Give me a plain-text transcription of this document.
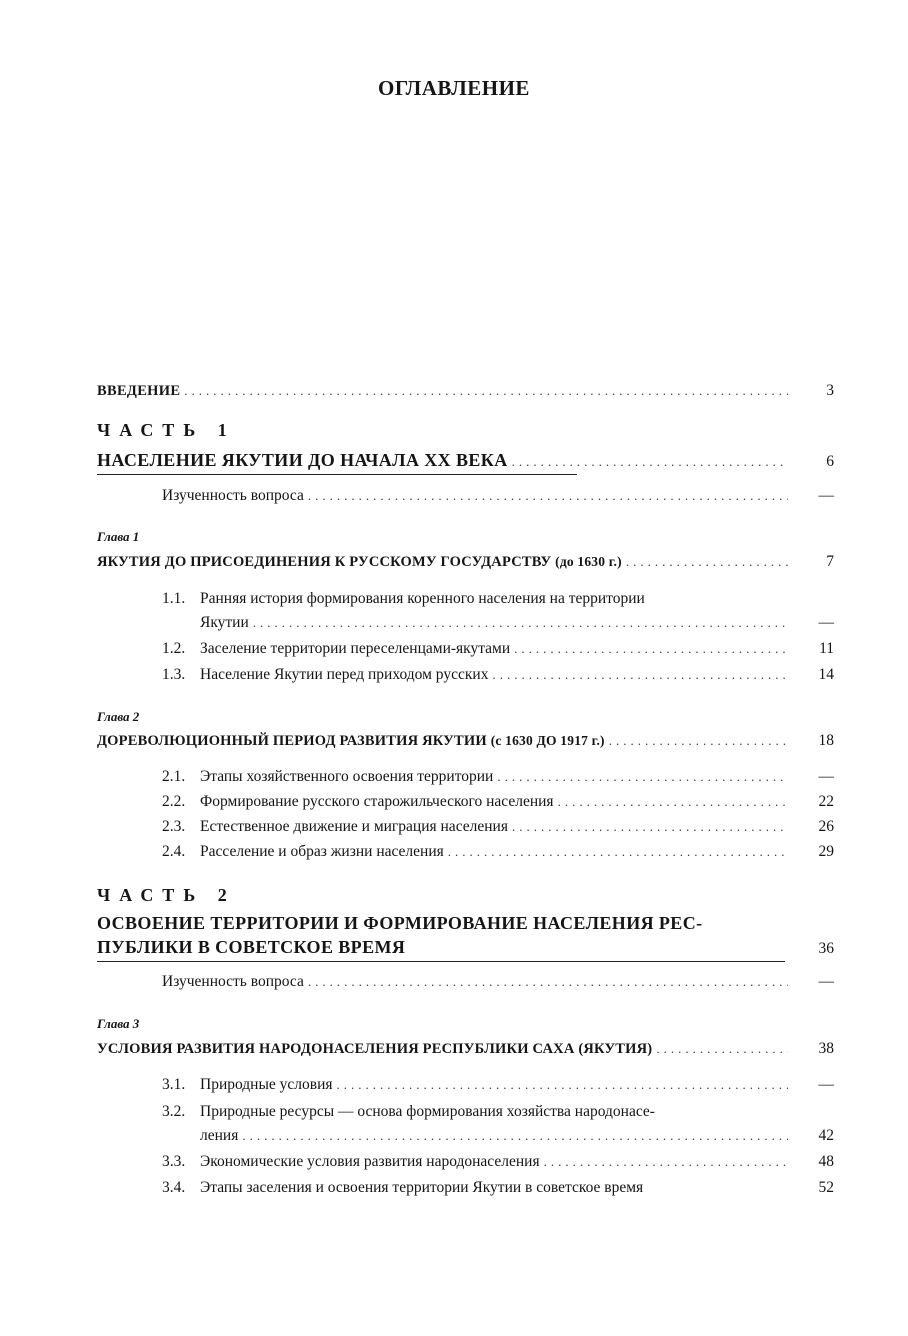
ОГЛАВЛЕНИЕ
ВВЕДЕНИЕ .....	3
ЧАСТЬ 1
НАСЕЛЕНИЕ ЯКУТИИ ДО НАЧАЛА XX ВЕКА .....	6
Изученность вопроса .....	—
Глава 1
ЯКУТИЯ ДО ПРИСОЕДИНЕНИЯ К РУССКОМУ ГОСУДАРСТВУ (до 1630 г.) .....	7
1.1. Ранняя история формирования коренного населения на территории
Якутии .....	—
1.2. Заселение территории переселенцами-якутами .....	11
1.3. Население Якутии перед приходом русских .....	14
Глава 2
ДОРЕВОЛЮЦИОННЫЙ ПЕРИОД РАЗВИТИЯ ЯКУТИИ (с 1630 ДО 1917 г.) .....	18
2.1. Этапы хозяйственного освоения территории .....	—
2.2. Формирование русского старожильческого населения .....	22
2.3. Естественное движение и миграция населения .....	26
2.4. Расселение и образ жизни населения .....	29
ЧАСТЬ 2
ОСВОЕНИЕ ТЕРРИТОРИИ И ФОРМИРОВАНИЕ НАСЕЛЕНИЯ РЕС-
ПУБЛИКИ В СОВЕТСКОЕ ВРЕМЯ	36
Изученность вопроса .....	—
Глава 3
УСЛОВИЯ РАЗВИТИЯ НАРОДОНАСЕЛЕНИЯ РЕСПУБЛИКИ САХА (ЯКУТИЯ) .....	38
3.1. Природные условия .....	—
3.2. Природные ресурсы — основа формирования хозяйства народонасе-
ления .....	42
3.3. Экономические условия развития народонаселения .....	48
3.4. Этапы заселения и освоения территории Якутии в советское время	52
